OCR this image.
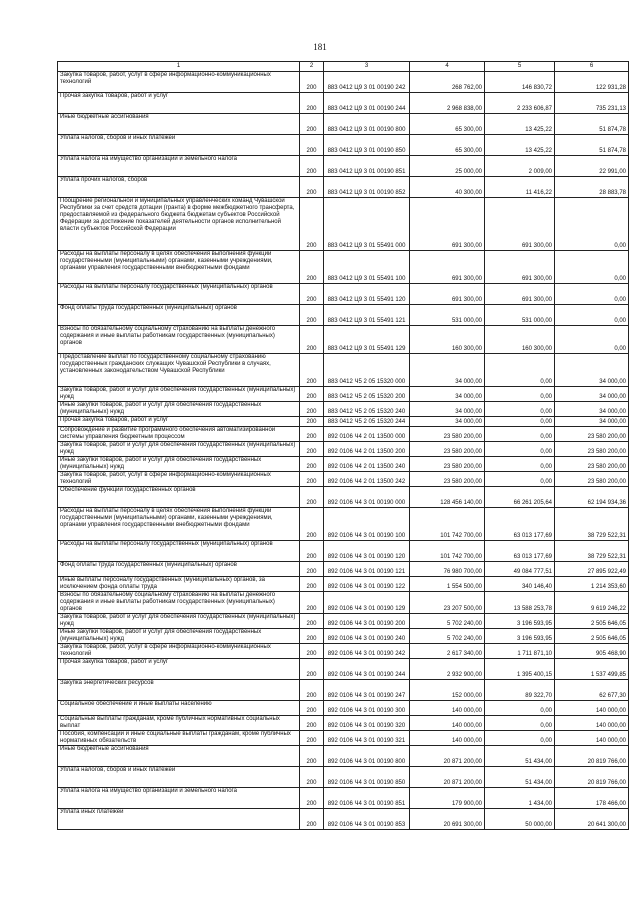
181
1	2	3	4	5	6
Закупка товаров, работ, услуг в сфере информационно-коммуникационных технологий	200	883 0412 Ц9 3 01 00190 242	268 762,00	146 830,72	122 931,28
Прочая закупка товаров, работ и услуг	200	883 0412 Ц9 3 01 00190 244	2 968 838,00	2 233 606,87	735 231,13
Иные бюджетные ассигнования	200	883 0412 Ц9 3 01 00190 800	65 300,00	13 425,22	51 874,78
Уплата налогов, сборов и иных платежей	200	883 0412 Ц9 3 01 00190 850	65 300,00	13 425,22	51 874,78
Уплата налога на имущество организаций и земельного налога	200	883 0412 Ц9 3 01 00190 851	25 000,00	2 009,00	22 991,00
Уплата прочих налогов, сборов	200	883 0412 Ц9 3 01 00190 852	40 300,00	11 416,22	28 883,78
Поощрение региональной и муниципальных управленческих команд Чувашской Республики за счет средств дотации (гранта) в форме межбюджетного трансферта, предоставляемой из федерального бюджета бюджетам субъектов Российской Федерации за достижение показателей деятельности органов исполнительной власти субъектов Российской Федерации	200	883 0412 Ц9 3 01 55491 000	691 300,00	691 300,00	0,00
Расходы на выплаты персоналу в целях обеспечения выполнения функций государственными (муниципальными) органами, казенными учреждениями, органами управления государственными внебюджетными фондами	200	883 0412 Ц9 3 01 55491 100	691 300,00	691 300,00	0,00
Расходы на выплаты персоналу государственных (муниципальных) органов	200	883 0412 Ц9 3 01 55491 120	691 300,00	691 300,00	0,00
Фонд оплаты труда государственных (муниципальных) органов	200	883 0412 Ц9 3 01 55491 121	531 000,00	531 000,00	0,00
Взносы по обязательному социальному страхованию на выплаты денежного содержания и иные выплаты работникам государственных (муниципальных) органов	200	883 0412 Ц9 3 01 55491 129	160 300,00	160 300,00	0,00
Предоставление выплат по государственному социальному страхованию государственных гражданских служащих Чувашской Республики в случаях, установленных законодательством Чувашской Республики	200	883 0412 Ч5 2 05 15320 000	34 000,00	0,00	34 000,00
Закупка товаров, работ и услуг для обеспечения государственных (муниципальных) нужд	200	883 0412 Ч5 2 05 15320 200	34 000,00	0,00	34 000,00
Иные закупки товаров, работ и услуг для обеспечения государственных (муниципальных) нужд	200	883 0412 Ч5 2 05 15320 240	34 000,00	0,00	34 000,00
Прочая закупка товаров, работ и услуг	200	883 0412 Ч5 2 05 15320 244	34 000,00	0,00	34 000,00
Сопровождение и развитие программного обеспечения автоматизированной системы управления бюджетным процессом	200	892 0106 Ч4 2 01 13500 000	23 580 200,00	0,00	23 580 200,00
Закупка товаров, работ и услуг для обеспечения государственных (муниципальных) нужд	200	892 0106 Ч4 2 01 13500 200	23 580 200,00	0,00	23 580 200,00
Иные закупки товаров, работ и услуг для обеспечения государственных (муниципальных) нужд	200	892 0106 Ч4 2 01 13500 240	23 580 200,00	0,00	23 580 200,00
Закупка товаров, работ, услуг в сфере информационно-коммуникационных технологий	200	892 0106 Ч4 2 01 13500 242	23 580 200,00	0,00	23 580 200,00
Обеспечение функций государственных органов	200	892 0106 Ч4 3 01 00190 000	128 456 140,00	66 261 205,64	62 194 934,36
Расходы на выплаты персоналу в целях обеспечения выполнения функций государственными (муниципальными) органами, казенными учреждениями, органами управления государственными внебюджетными фондами	200	892 0106 Ч4 3 01 00190 100	101 742 700,00	63 013 177,69	38 729 522,31
Расходы на выплаты персоналу государственных (муниципальных) органов	200	892 0106 Ч4 3 01 00190 120	101 742 700,00	63 013 177,69	38 729 522,31
Фонд оплаты труда государственных (муниципальных) органов	200	892 0106 Ч4 3 01 00190 121	76 980 700,00	49 084 777,51	27 895 922,49
Иные выплаты персоналу государственных (муниципальных) органов, за исключением фонда оплаты труда	200	892 0106 Ч4 3 01 00190 122	1 554 500,00	340 146,40	1 214 353,60
Взносы по обязательному социальному страхованию на выплаты денежного содержания и иные выплаты работникам государственных (муниципальных) органов	200	892 0106 Ч4 3 01 00190 129	23 207 500,00	13 588 253,78	9 619 246,22
Закупка товаров, работ и услуг для обеспечения государственных (муниципальных) нужд	200	892 0106 Ч4 3 01 00190 200	5 702 240,00	3 196 593,95	2 505 646,05
Иные закупки товаров, работ и услуг для обеспечения государственных (муниципальных) нужд	200	892 0106 Ч4 3 01 00190 240	5 702 240,00	3 196 593,95	2 505 646,05
Закупка товаров, работ, услуг в сфере информационно-коммуникационных технологий	200	892 0106 Ч4 3 01 00190 242	2 617 340,00	1 711 871,10	905 468,90
Прочая закупка товаров, работ и услуг	200	892 0106 Ч4 3 01 00190 244	2 932 900,00	1 395 400,15	1 537 499,85
Закупка энергетических ресурсов	200	892 0106 Ч4 3 01 00190 247	152 000,00	89 322,70	62 677,30
Социальное обеспечение и иные выплаты населению	200	892 0106 Ч4 3 01 00190 300	140 000,00	0,00	140 000,00
Социальные выплаты гражданам, кроме публичных нормативных социальных выплат	200	892 0106 Ч4 3 01 00190 320	140 000,00	0,00	140 000,00
Пособия, компенсации и иные социальные выплаты гражданам, кроме публичных нормативных обязательств	200	892 0106 Ч4 3 01 00190 321	140 000,00	0,00	140 000,00
Иные бюджетные ассигнования	200	892 0106 Ч4 3 01 00190 800	20 871 200,00	51 434,00	20 819 766,00
Уплата налогов, сборов и иных платежей	200	892 0106 Ч4 3 01 00190 850	20 871 200,00	51 434,00	20 819 766,00
Уплата налога на имущество организаций и земельного налога	200	892 0106 Ч4 3 01 00190 851	179 900,00	1 434,00	178 466,00
Уплата иных платежей	200	892 0106 Ч4 3 01 00190 853	20 691 300,00	50 000,00	20 641 300,00
